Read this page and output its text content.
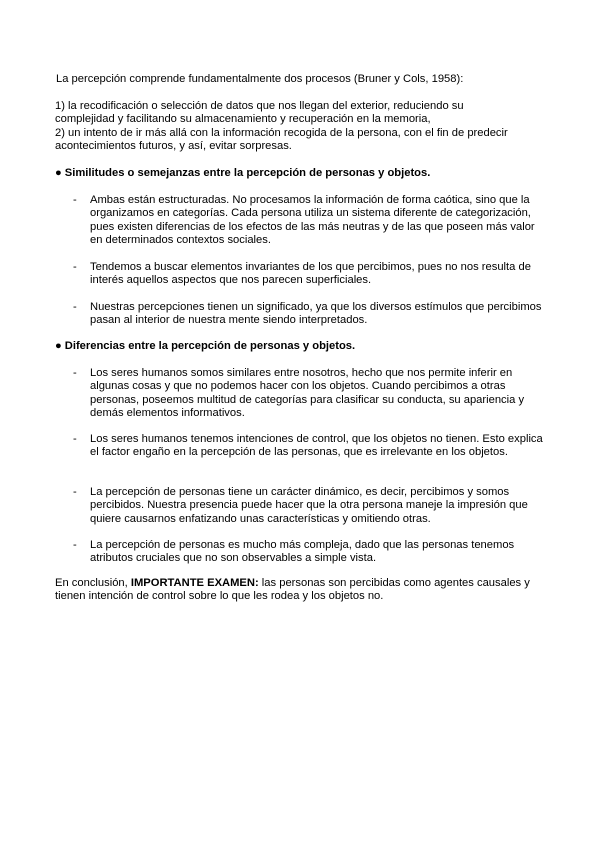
La percepción comprende fundamentalmente dos procesos (Bruner y Cols, 1958):

1) la recodificación o selección de datos que nos llegan del exterior, reduciendo su
complejidad y facilitando su almacenamiento y recuperación en la memoria,
2) un intento de ir más allá con la información recogida de la persona, con el fin de predecir
acontecimientos futuros, y así, evitar sorpresas.
● Similitudes o semejanzas entre la percepción de personas y objetos.
-	Ambas están estructuradas. No procesamos la información de forma caótica, sino que la organizamos en categorías. Cada persona utiliza un sistema diferente de categorización, pues existen diferencias de los efectos de las más neutras y de las que poseen más valor en determinados contextos sociales.
-	Tendemos a buscar elementos invariantes de los que percibimos, pues no nos resulta de interés aquellos aspectos que nos parecen superficiales.
-	Nuestras percepciones tienen un significado, ya que los diversos estímulos que percibimos pasan al interior de nuestra mente siendo interpretados.
● Diferencias entre la percepción de personas y objetos.
-	Los seres humanos somos similares entre nosotros, hecho que nos permite inferir en algunas cosas y que no podemos hacer con los objetos. Cuando percibimos a otras personas, poseemos multitud de categorías para clasificar su conducta, su apariencia y demás elementos informativos.
-	Los seres humanos tenemos intenciones de control, que los objetos no tienen. Esto explica el factor engaño en la percepción de las personas, que es irrelevante en los objetos.
-	La percepción de personas tiene un carácter dinámico, es decir, percibimos y somos percibidos. Nuestra presencia puede hacer que la otra persona maneje la impresión que quiere causarnos enfatizando unas características y omitiendo otras.
-	La percepción de personas es mucho más compleja, dado que las personas tenemos atributos cruciales que no son observables a simple vista.

En conclusión, IMPORTANTE EXAMEN: las personas son percibidas como agentes causales y tienen intención de control sobre lo que les rodea y los objetos no.
